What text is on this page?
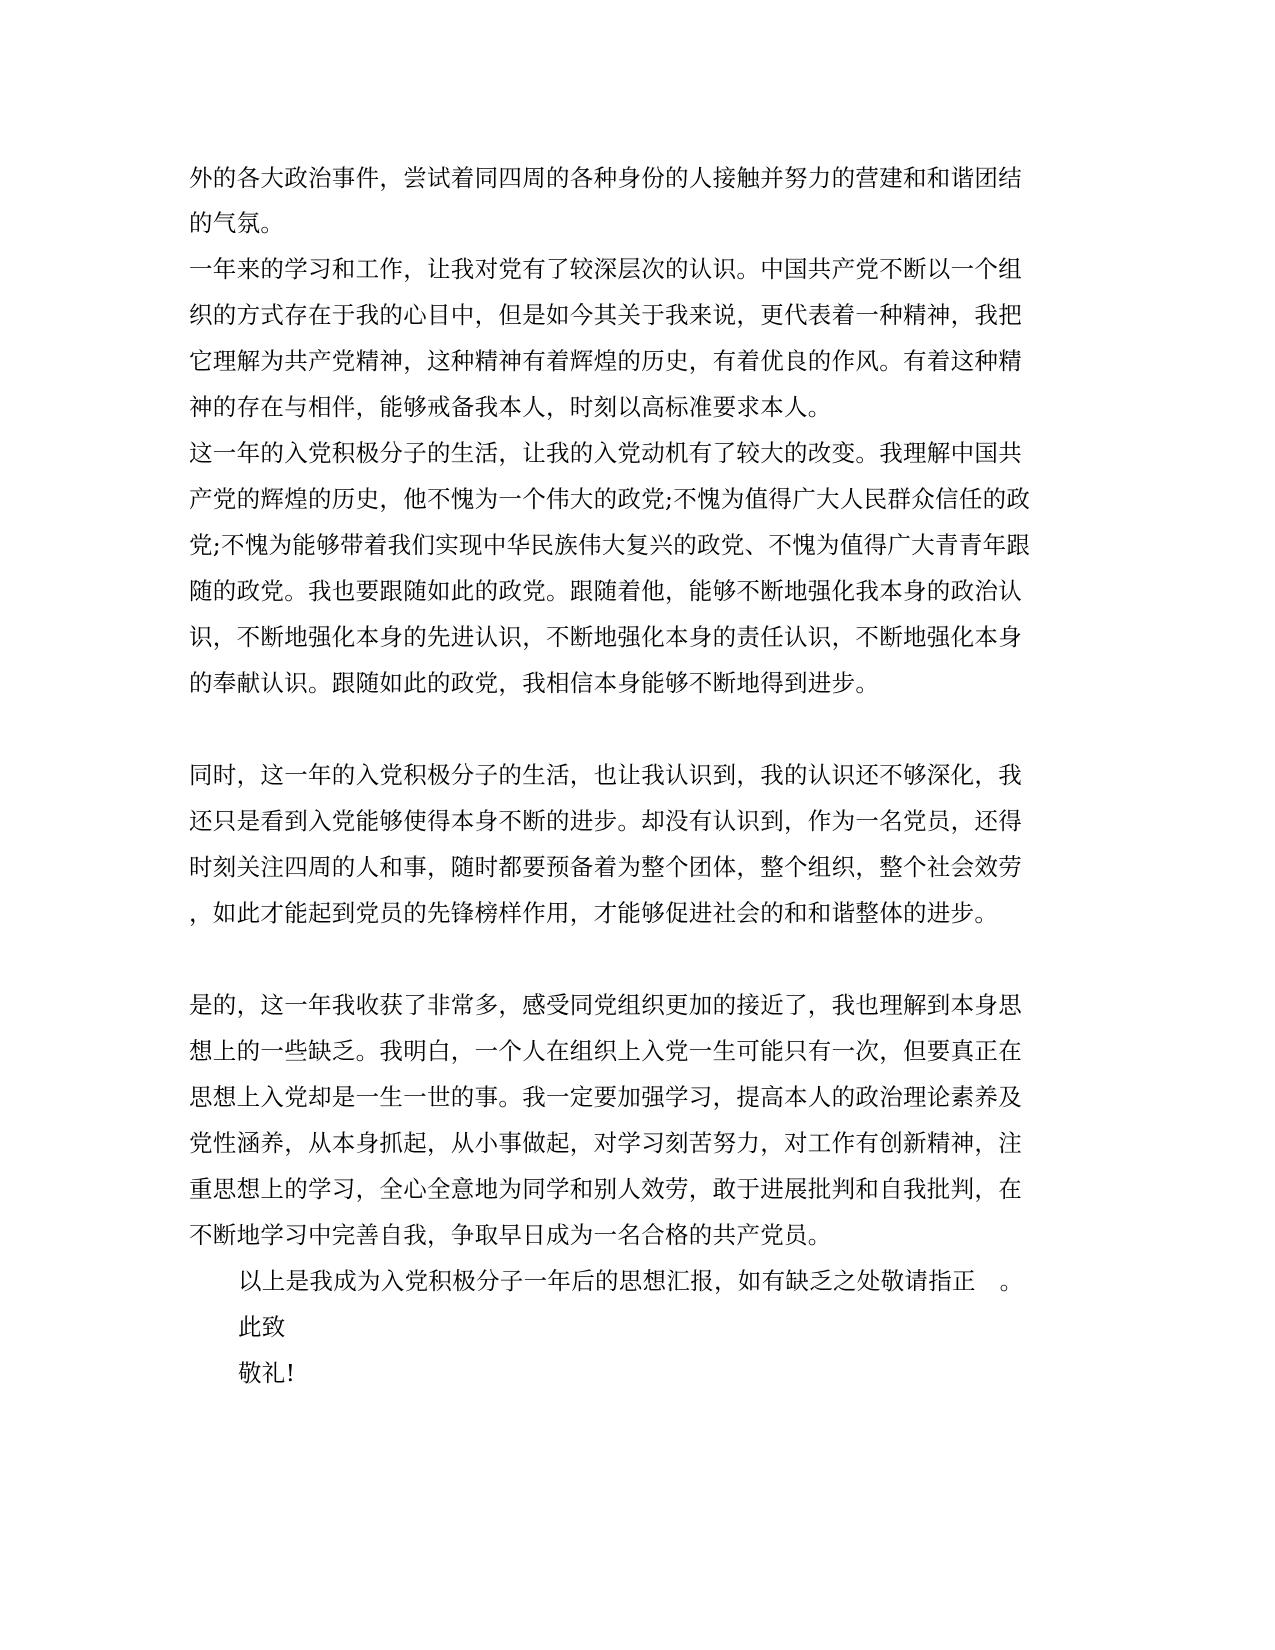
外的各大政治事件，尝试着同四周的各种身份的人接触并努力的营建和和谐团结
的气氛。
一年来的学习和工作，让我对党有了较深层次的认识。中国共产党不断以一个组
织的方式存在于我的心目中，但是如今其关于我来说，更代表着一种精神，我把
它理解为共产党精神，这种精神有着辉煌的历史，有着优良的作风。有着这种精
神的存在与相伴，能够戒备我本人，时刻以高标准要求本人。
这一年的入党积极分子的生活，让我的入党动机有了较大的改变。我理解中国共
产党的辉煌的历史，他不愧为一个伟大的政党;不愧为值得广大人民群众信任的政
党;不愧为能够带着我们实现中华民族伟大复兴的政党、不愧为值得广大青青年跟
随的政党。我也要跟随如此的政党。跟随着他，能够不断地强化我本身的政治认
识，不断地强化本身的先进认识，不断地强化本身的责任认识，不断地强化本身
的奉献认识。跟随如此的政党，我相信本身能够不断地得到进步。
同时，这一年的入党积极分子的生活，也让我认识到，我的认识还不够深化，我
还只是看到入党能够使得本身不断的进步。却没有认识到，作为一名党员，还得
时刻关注四周的人和事，随时都要预备着为整个团体，整个组织，整个社会效劳
，如此才能起到党员的先锋榜样作用，才能够促进社会的和和谐整体的进步。
是的，这一年我收获了非常多，感受同党组织更加的接近了，我也理解到本身思
想上的一些缺乏。我明白，一个人在组织上入党一生可能只有一次，但要真正在
思想上入党却是一生一世的事。我一定要加强学习，提高本人的政治理论素养及
党性涵养，从本身抓起，从小事做起，对学习刻苦努力，对工作有创新精神，注
重思想上的学习，全心全意地为同学和别人效劳，敢于进展批判和自我批判，在
不断地学习中完善自我，争取早日成为一名合格的共产党员。
以上是我成为入党积极分子一年后的思想汇报，如有缺乏之处敬请指正　。
此致
敬礼!
